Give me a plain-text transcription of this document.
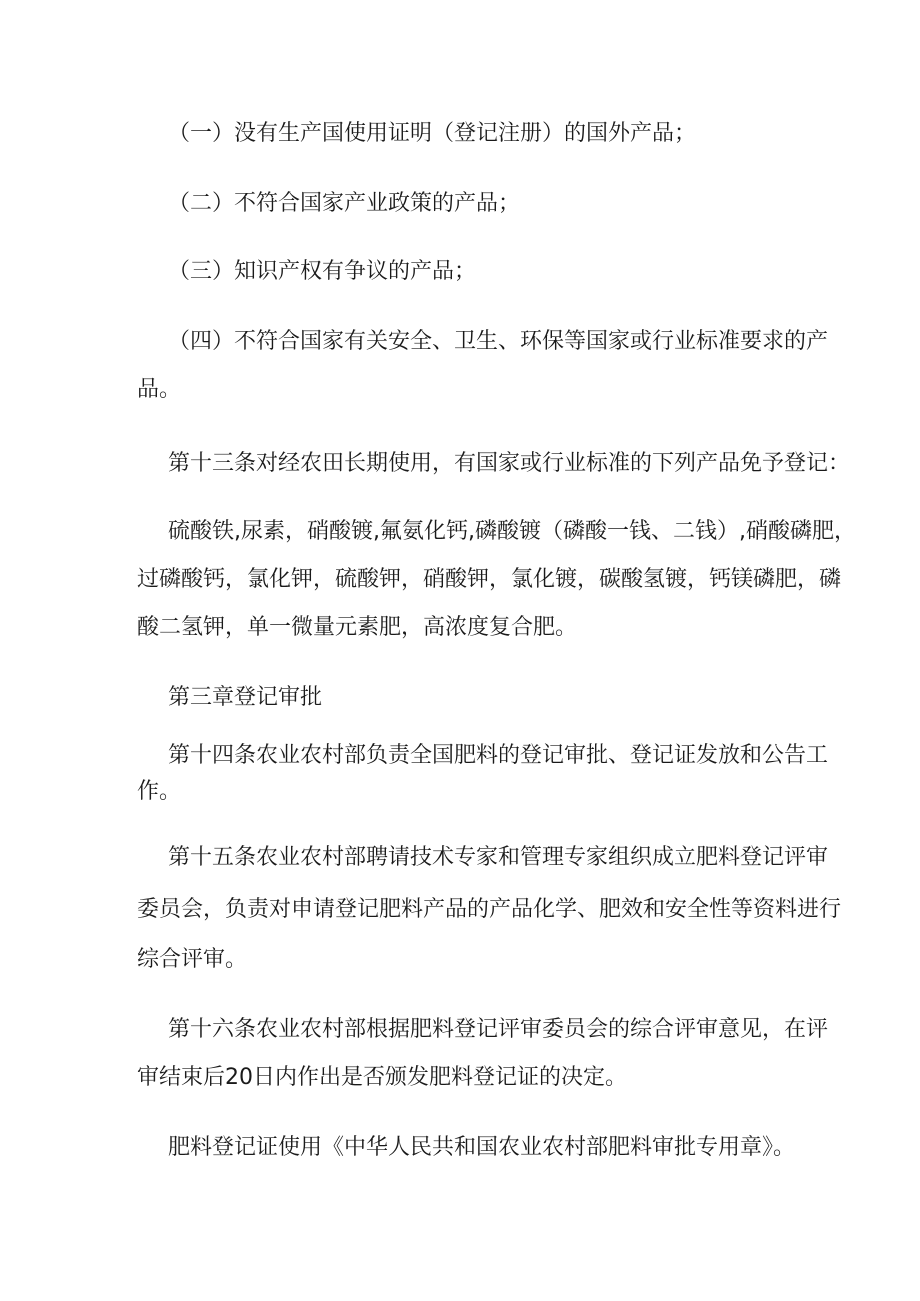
（一）没有生产国使用证明（登记注册）的国外产品；
（二）不符合国家产业政策的产品；
（三）知识产权有争议的产品；
（四）不符合国家有关安全、卫生、环保等国家或行业标准要求的产
品。
第十三条对经农田长期使用，有国家或行业标准的下列产品免予登记：
硫酸铁,尿素，硝酸镀,氟氨化钙,磷酸镀（磷酸一钱、二钱）,硝酸磷肥，
过磷酸钙，氯化钾，硫酸钾，硝酸钾，氯化镀，碳酸氢镀，钙镁磷肥，磷
酸二氢钾，单一微量元素肥，高浓度复合肥。
第三章登记审批
第十四条农业农村部负责全国肥料的登记审批、登记证发放和公告工
作。
第十五条农业农村部聘请技术专家和管理专家组织成立肥料登记评审
委员会，负责对申请登记肥料产品的产品化学、肥效和安全性等资料进行
综合评审。
第十六条农业农村部根据肥料登记评审委员会的综合评审意见，在评
审结束后20日内作出是否颁发肥料登记证的决定。
肥料登记证使用《中华人民共和国农业农村部肥料审批专用章》。
